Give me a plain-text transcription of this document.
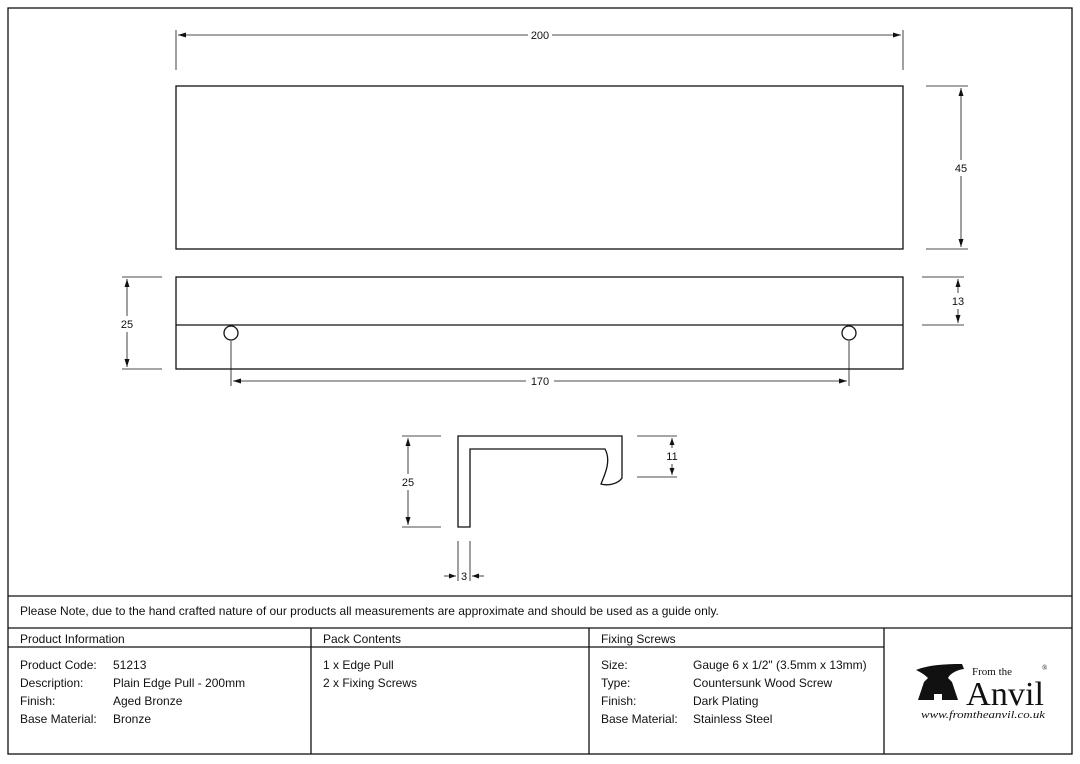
200
45
25
13
170
25
11
3
Please Note, due to the hand crafted nature of our products all measurements are approximate and should be used as a guide only.
Product Information
Product Code: 51213
Description: Plain Edge Pull - 200mm
Finish:	Aged Bronze
Base Material: Bronze
Pack Contents
1 x Edge Pull
2 x Fixing Screws
Fixing Screws
Size:	Gauge 6 x 1/2" (3.5mm x 13mm)
Type:	Countersunk Wood Screw
Finish:	Dark Plating
Base Material: Stainless Steel
From the	®
Anvil
www.fromtheanvil.co.uk
